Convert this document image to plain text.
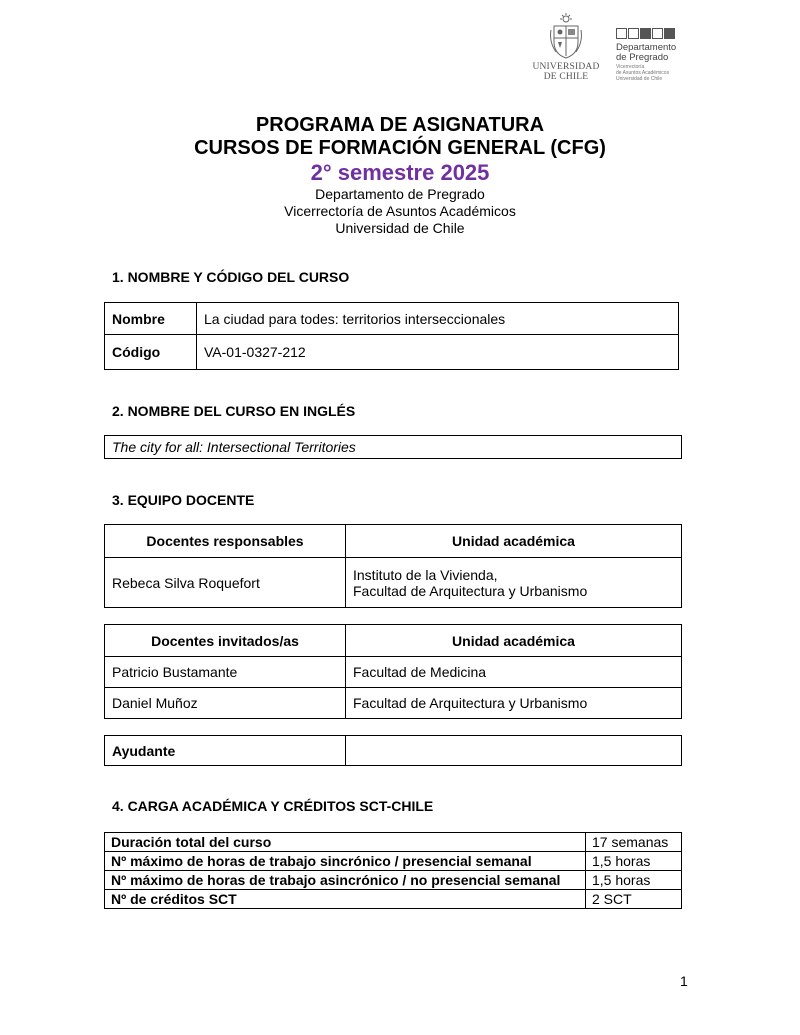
UNIVERSIDAD
DE CHILE
Departamento
de Pregrado
Vicerrectoría
de Asuntos Académicos
Universidad de Chile
PROGRAMA DE ASIGNATURA
CURSOS DE FORMACIÓN GENERAL (CFG)
2° semestre 2025
Departamento de Pregrado
Vicerrectoría de Asuntos Académicos
Universidad de Chile
1. NOMBRE Y CÓDIGO DEL CURSO
Nombre	La ciudad para todes: territorios interseccionales
Código	VA-01-0327-212
2. NOMBRE DEL CURSO EN INGLÉS
The city for all: Intersectional Territories
3. EQUIPO DOCENTE
Docentes responsables	Unidad académica
Rebeca Silva Roquefort	Instituto de la Vivienda,
Facultad de Arquitectura y Urbanismo
Docentes invitados/as	Unidad académica
Patricio Bustamante	Facultad de Medicina
Daniel Muñoz	Facultad de Arquitectura y Urbanismo
Ayudante	
4. CARGA ACADÉMICA Y CRÉDITOS SCT-CHILE
Duración total del curso	17 semanas
Nº máximo de horas de trabajo sincrónico / presencial semanal	1,5 horas
Nº máximo de horas de trabajo asincrónico / no presencial semanal	1,5 horas
Nº de créditos SCT	2 SCT
1
